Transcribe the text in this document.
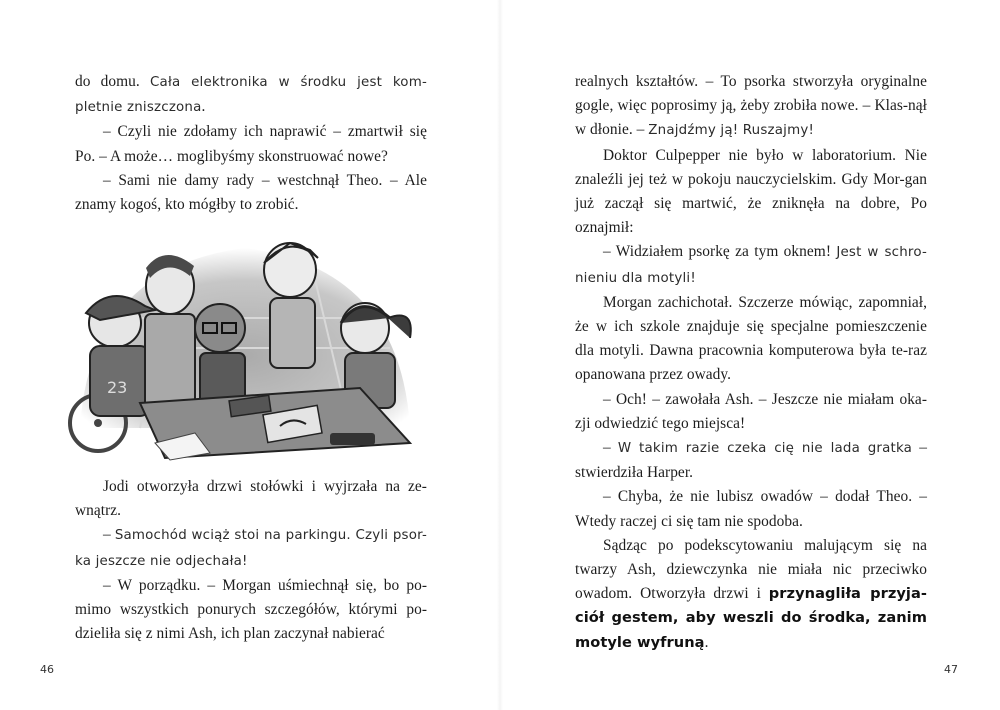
do domu. Cała elektronika w środku jest kom-pletnie zniszczona.

– Czyli nie zdołamy ich naprawić – zmartwił się Po. – A może… moglibyśmy skonstruować nowe?

– Sami nie damy rady – westchnął Theo. – Ale znamy kogoś, kto mógłby to zrobić.

23

Jodi otworzyła drzwi stołówki i wyjrzała na ze-wnątrz.

– Samochód wciąż stoi na parkingu. Czyli psor-ka jeszcze nie odjechała!

– W porządku. – Morgan uśmiechnął się, bo po-mimo wszystkich ponurych szczegółów, którymi po-dzieliła się z nimi Ash, ich plan zaczynał nabierać

46

realnych kształtów. – To psorka stworzyła oryginalne gogle, więc poprosimy ją, żeby zrobiła nowe. – Klas-nął w dłonie. – Znajdźmy ją! Ruszajmy!

Doktor Culpepper nie było w laboratorium. Nie znaleźli jej też w pokoju nauczycielskim. Gdy Mor-gan już zaczął się martwić, że zniknęła na dobre, Po oznajmił:

– Widziałem psorkę za tym oknem! Jest w schro-nieniu dla motyli!

Morgan zachichotał. Szczerze mówiąc, zapomniał, że w ich szkole znajduje się specjalne pomieszczenie dla motyli. Dawna pracownia komputerowa była te-raz opanowana przez owady.

– Och! – zawołała Ash. – Jeszcze nie miałam oka-zji odwiedzić tego miejsca!

– W takim razie czeka cię nie lada gratka – stwierdziła Harper.

– Chyba, że nie lubisz owadów – dodał Theo. – Wtedy raczej ci się tam nie spodoba.

Sądząc po podekscytowaniu malującym się na twarzy Ash, dziewczynka nie miała nic przeciwko owadom. Otworzyła drzwi i przynagliła przyja-ciół gestem, aby weszli do środka, zanim motyle wyfruną.

47
